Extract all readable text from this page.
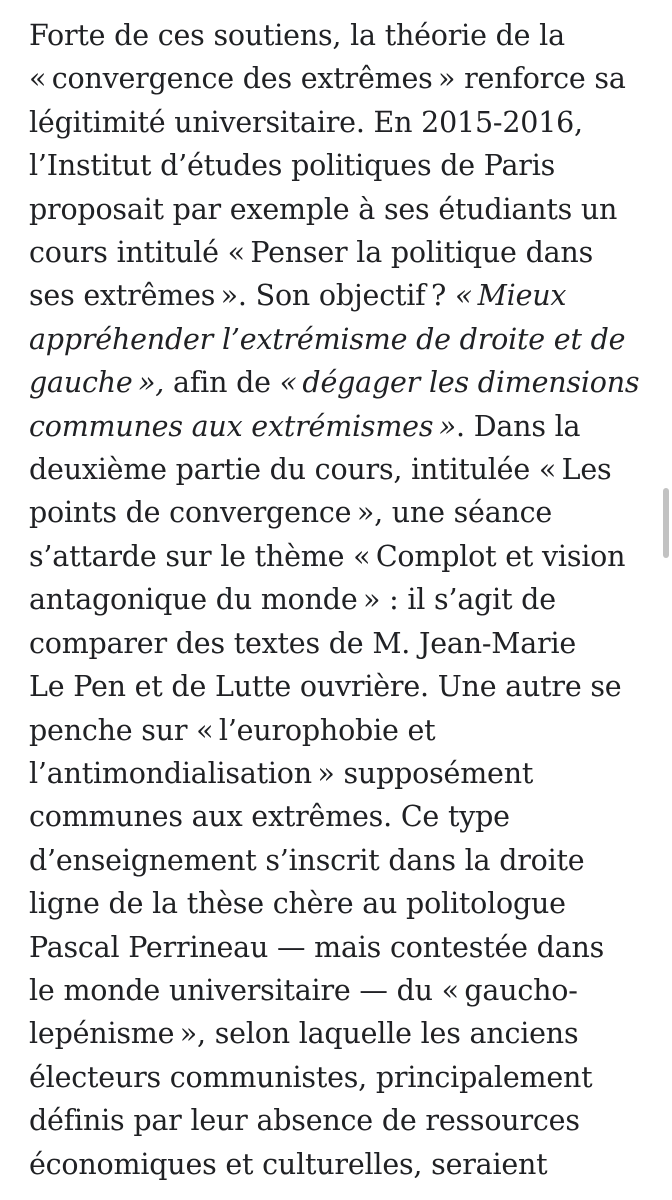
Forte de ces soutiens, la théorie de la
« convergence des extrêmes » renforce sa
légitimité universitaire. En 2015-2016,
l’Institut d’études politiques de Paris
proposait par exemple à ses étudiants un
cours intitulé « Penser la politique dans
ses extrêmes ». Son objectif ? « Mieux
appréhender l’extrémisme de droite et de
gauche », afin de « dégager les dimensions
communes aux extrémismes ». Dans la
deuxième partie du cours, intitulée « Les
points de convergence », une séance
s’attarde sur le thème « Complot et vision
antagonique du monde » : il s’agit de
comparer des textes de M. Jean-Marie
Le Pen et de Lutte ouvrière. Une autre se
penche sur « l’europhobie et
l’antimondialisation » supposément
communes aux extrêmes. Ce type
d’enseignement s’inscrit dans la droite
ligne de la thèse chère au politologue
Pascal Perrineau — mais contestée dans
le monde universitaire — du « gaucho-
lepénisme », selon laquelle les anciens
électeurs communistes, principalement
définis par leur absence de ressources
économiques et culturelles, seraient
